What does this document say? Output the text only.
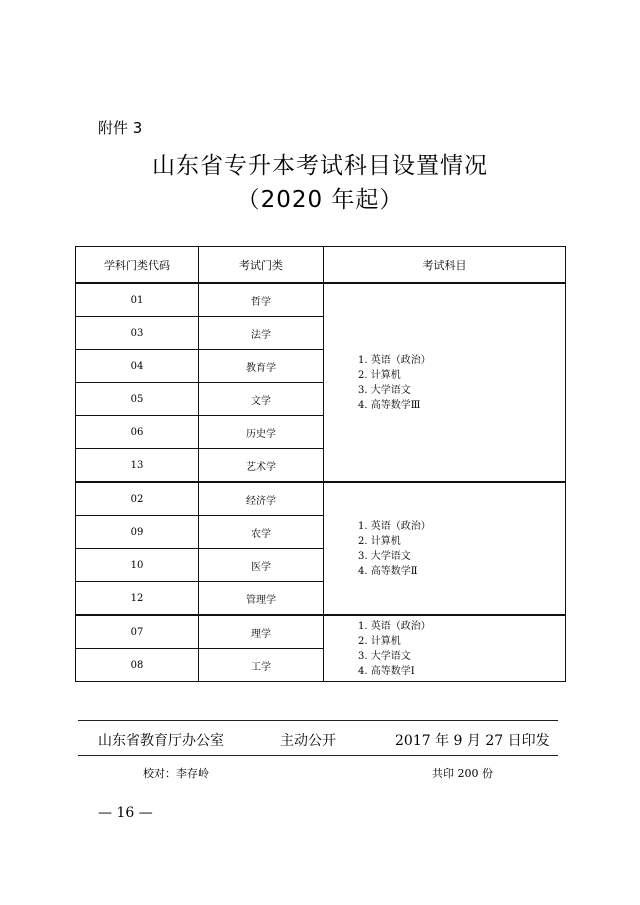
附件 3
山东省专升本考试科目设置情况
（2020 年起）
学科门类代码	考试门类	考试科目
01	哲学	1. 英语（政治）
2. 计算机
3. 大学语文
4. 高等数学Ⅲ

03	法学	
04	教育学	
05	文学	
06	历史学	
13	艺术学	
02	经济学	1. 英语（政治）
2. 计算机
3. 大学语文
4. 高等数学Ⅱ

09	农学	
10	医学	
12	管理学	
07	理学	1. 英语（政治）
2. 计算机
3. 大学语文
4. 高等数学Ⅰ

08	工学	
山东省教育厅办公室	主动公开	2017 年 9 月 27 日印发
校对：李存岭	共印 200 份
— 16 —
